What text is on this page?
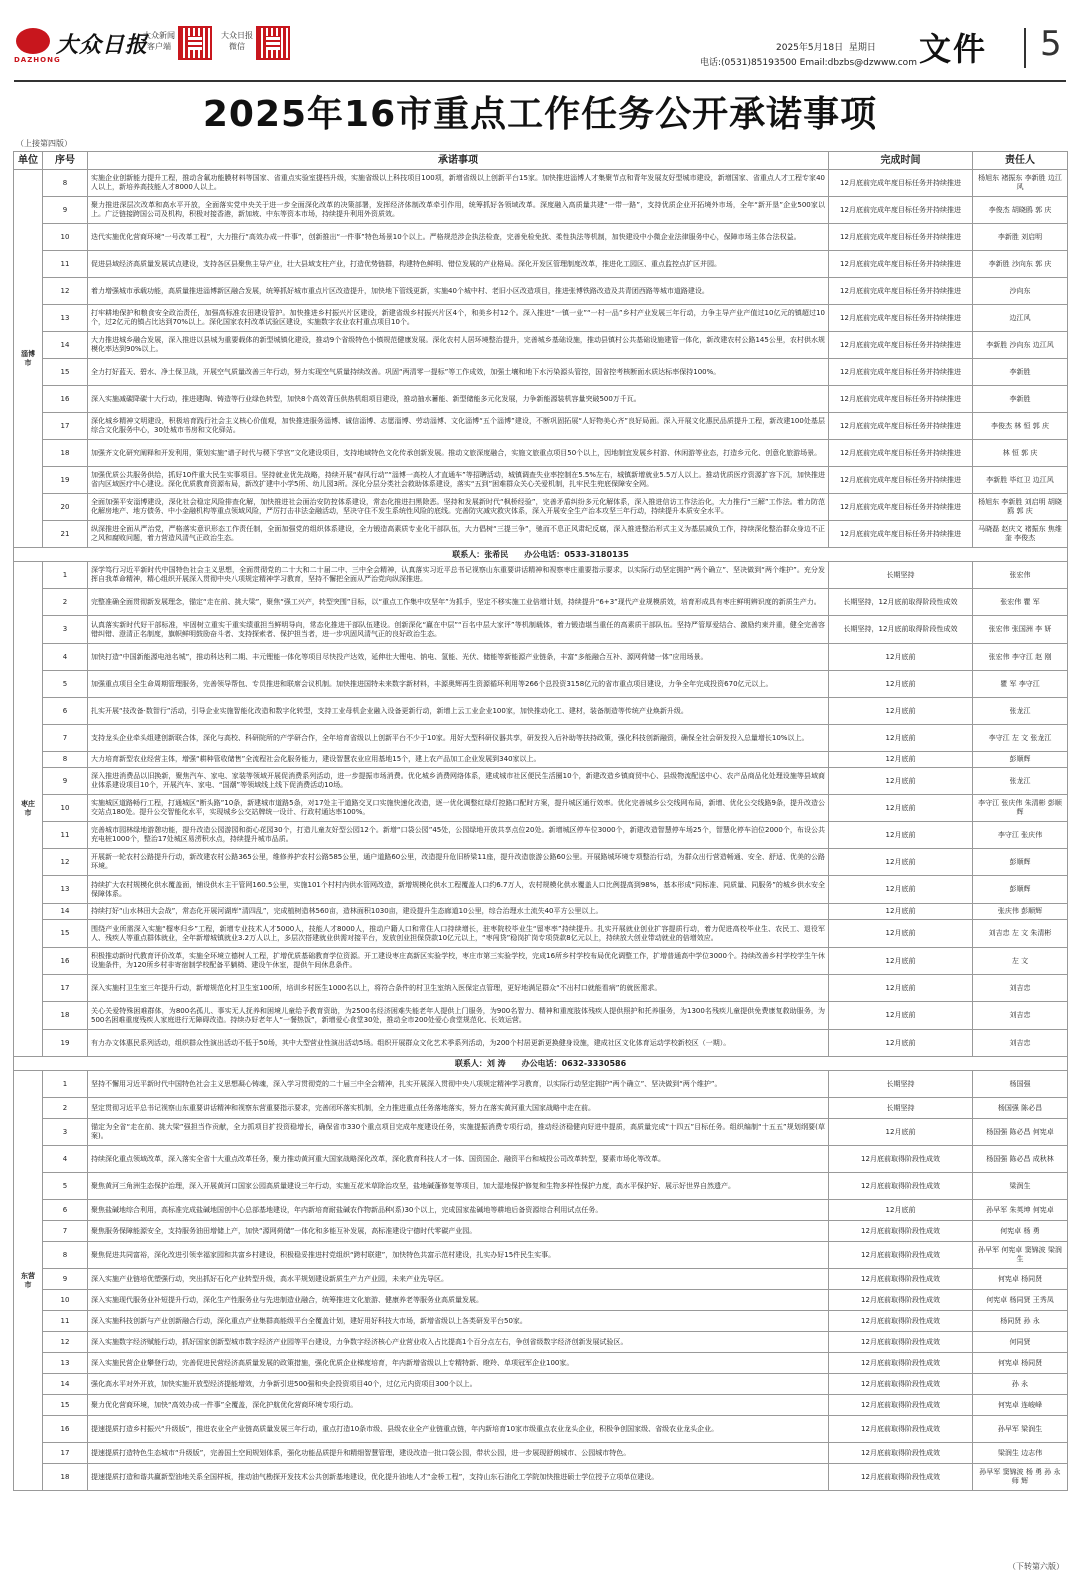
大众日报
DAZHONG
大众新闻客户端
大众日报微信	2025年5月18日 星期日
电话:(0531)85193500 Email:dbzbs@dzwww.com 文件 5
2025年16市重点工作任务公开承诺事项
（上接第四版）
单位	序号	承诺事项	完成时间	责任人
淄博市	8	实施企业创新能力提升工程，推动含氟功能膜材料等国家、省重点实验室提档升级，实施省级以上科技项目100项，新增省级以上创新平台15家。加快推进淄博人才集聚节点和青年发展友好型城市建设，新增国家、省重点人才工程专家40人以上，新培养高技能人才8000人以上。	12月底前完成年度目标任务并持续推进	杨旭东 褚振东 李新胜 边江风
	9	聚力推进深层次改革和高水平开放，全面落实党中央关于进一步全面深化改革的决策部署，发挥经济体制改革牵引作用，统筹抓好各领域改革。深度融入高质量共建“一带一路”，支持优质企业开拓境外市场，全年“新开垦”企业500家以上。广泛链接跨国公司及机构，积极对接香港，新加坡、中东等资本市场，持续提升利用外资质效。	12月底前完成年度目标任务并持续推进	李俊杰 胡晓鸥 郭 庆
	10	迭代实施优化营商环境“一号改革工程”，大力推行“高效办成一件事”，创新推出“一件事”特色场景10个以上。严格规范涉企执法检查，完善免检免扰、柔性执法等机制，加快建设中小微企业法律服务中心，保障市场主体合法权益。	12月底前完成年度目标任务并持续推进	李新胜 刘启明
	11	促进县域经济高质量发展试点建设，支持各区县聚焦主导产业，壮大县域支柱产业，打造优势链群，构建特色鲜明、错位发展的产业格局。深化开发区管理制度改革，推进化工园区、重点监控点扩区并园。	12月底前完成年度目标任务并持续推进	李新胜 沙向东 郭 庆
	12	着力增强城市承载功能，高质量推进淄博新区融合发展，统筹抓好城市重点片区改造提升，加快地下管线更新，实施40个城中村、老旧小区改造项目，推进张博铁路改造及共青团西路等城市道路建设。	12月底前完成年度目标任务并持续推进	沙向东
	13	打牢耕地保护和粮食安全政治责任，加强高标准农田建设管护。加快推进乡村振兴片区建设，新建省级乡村振兴片区4个，和美乡村12个。深入推进“一镇一业”“一村一品”乡村产业发展三年行动，力争主导产业产值过10亿元的镇超过10个，过2亿元的镇占比达到70%以上。深化国家农村改革试验区建设，实施数字农业农村重点项目10个。	12月底前完成年度目标任务并持续推进	边江风
	14	大力推进城乡融合发展，深入推进以县城为重要载体的新型城镇化建设，推动9个省级特色小镇规范健康发展。深化农村人居环境整治提升，完善城乡基础设施，推动县镇村公共基础设施建管一体化，新改建农村公路145公里，农村供水规模化率达到90%以上。	12月底前完成年度目标任务并持续推进	李新胜 沙向东 边江风
	15	全力打好蓝天、碧水、净土保卫战，开展空气质量改善三年行动，努力实现空气质量持续改善。巩固“两清零一提标”等工作成效，加强土壤和地下水污染源头管控，国省控考核断面水质达标率保持100%。	12月底前完成年度目标任务并持续推进	李新胜
	16	深入实施减碳降碳十大行动，推进建陶、铸造等行业绿色转型，加快8个高效背压供热机组项目建设，推动抽水蓄能、新型储能多元化发展，力争新能源装机容量突破500万千瓦。	12月底前完成年度目标任务并持续推进	李新胜
	17	深化城乡精神文明建设，积极培育践行社会主义核心价值观，加快推进服务淄博、诚信淄博、志愿淄博、劳动淄博、文化淄博“五个淄博”建设，不断巩固拓展“人好物美心齐”良好局面。深入开展文化惠民品质提升工程，新改建100处基层综合文化服务中心，30处城市书房和文化驿站。	12月底前完成年度目标任务并持续推进	李俊杰 林 恒 郭 庆
	18	加强齐文化研究阐释和开发利用，策划实施“谱子时代与稷下学宫”文化建设项目，支持地域特色文化传承创新发展。推动文旅深度融合，实施文旅重点项目50个以上，因地制宜发展乡村游、休闲游等业态，打造乡元化、创意化旅游场景。	12月底前完成年度目标任务并持续推进	林 恒 郭 庆
	19	加强优质公共服务供给，抓好10件重大民生实事项目。坚持就业优先战略，持续开展“春风行动”“淄博一高校人才直通车”等招聘活动，城镇调查失业率控制在5.5%左右，城镇新增就业5.5万人以上。推动优质医疗资源扩容下沉，加快推进省内区域医疗中心建设。深化优质教育资源布局，新改扩建中小学5所、幼儿园3所。深化分层分类社会救助体系建设，落实“五到”困难群众关心关爱机制，扎牢民生兜底保障安全网。	12月底前完成年度目标任务并持续推进	李新胜 毕红卫 边江风
	20	全面加强平安淄博建设，深化社会稳定风险排查化解，加快推进社会面治安防控体系建设，常态化推进扫黑除恶。坚持和发展新时代“枫桥经验”，完善矛盾纠纷多元化解体系，深入推进信访工作法治化，大力推行“三解”工作法。着力防范化解房地产、地方债务、中小金融机构等重点领域风险，严厉打击非法金融活动，坚决守住不发生系统性风险的底线。完善防灾减灾救灾体系，深入开展安全生产治本攻坚三年行动，持续提升本质安全水平。	12月底前完成年度目标任务并持续推进	杨旭东 李新胜 刘启明 胡晓鸥 郭 庆
	21	纵深推进全面从严治党，严格落实意识形态工作责任制，全面加强党的组织体系建设，全力锻造高素质专业化干部队伍，大力倡树“三提三争”，驰而不息正风肃纪反腐，深入推进整治形式主义为基层减负工作，持续深化整治群众身边不正之风和腐败问题，着力营造风清气正政治生态。	12月底前完成年度目标任务并持续推进	马晓磊 赵庆文 褚振东 焦维奎 李俊杰
联系人：张希民　　办公电话：0533-3180135				
枣庄市	1	深学笃行习近平新时代中国特色社会主义思想，全面贯彻党的二十大和二十届二中、三中全会精神，认真落实习近平总书记视察山东重要讲话精神和视察枣庄重要指示要求，以实际行动坚定拥护“两个确立”、坚决做到“两个维护”。充分发挥自我革命精神，精心组织开展深入贯彻中央八项规定精神学习教育，坚持不懈把全面从严治党向纵深推进。	长期坚持	张宏伟
	2	完整准确全面贯彻新发展理念，锚定“走在前、挑大梁”，聚焦“强工兴产，转型突围”目标，以“重点工作集中攻坚年”为抓手，坚定不移实施工业倍增计划，持续提升“6+3”现代产业规模质效，培育形成具有枣庄鲜明辨识度的新质生产力。	长期坚持，12月底前取得阶段性成效	张宏伟 瞿 军
	3	认真落实新时代好干部标准，牢固树立重实干重实绩重担当鲜明导向，常态化推进干部队伍建设。创新深化“赢在中层”“百名中层大家评”等机制载体，着力锻造堪当重任的高素质干部队伍。坚持严管厚爱结合、激励约束并重，健全完善容错纠错、澄清正名制度，旗帜鲜明鼓励奋斗者、支持探索者、保护担当者，进一步巩固风清气正的良好政治生态。	长期坚持，12月底前取得阶段性成效	张宏伟 张国洲 李 妍
	4	加快打造“中国新能源电池名城”，推动科达利二期、丰元锂能一体化等项目尽快投产达效，延伸壮大锂电、钠电、氢能、光伏、储能等新能源产业链条，丰富“多能融合互补、源网荷储一体”应用场景。	12月底前	张宏伟 李守江 赵 刚
	5	加强重点项目全生命周期管理服务，完善领导帮包、专员推进和联席会议机制。加快推进国特未来数字新材料，丰源奥辉再生资源循环利用等266个总投资3158亿元的省市重点项目建设，力争全年完成投资670亿元以上。	12月底前	瞿 军 李守江
	6	扎实开展“技改备·数智行”活动，引导企业实施智能化改造和数字化转型，支持工业母机企业融入设备更新行动，新增上云工业企业100家，加快推动化工、建材，装备制造等传统产业焕新升级。	12月底前	张龙江
	7	支持龙头企业牵头组建创新联合体，深化与高校、科研院所的产学研合作，全年培育省级以上创新平台不少于10家。用好大型科研仪器共享，研发投入后补助等扶持政策，强化科技创新融资，确保全社会研发投入总量增长10%以上。	12月底前	李守江 左 文 张龙江
	8	大力培育新型农业经营主体，增强“耕种管收储售”全流程社会化服务能力，建设智慧农业应用基地15个，建上农产品加工企业发展到340家以上。	12月底前	彭顺辉
	9	深入推进消费品以旧换新，聚焦汽车、家电、家装等领域开展促消费系列活动，进一步提振市场消费。优化城乡消费网络体系，建成城市社区便民生活圈10个，新建改造乡镇商贸中心、县级物流配送中心、农产品商品化处理设施等县域商业体系建设项目10个，开展汽车、家电、“国潮”等领域线上线下促消费活动10场。	12月底前	张龙江
	10	实施城区道路畅行工程，打通城区“断头路”10条，新建城市道路5条，对17处主干道路交叉口实施快速化改造，逐一优化调整红绿灯控路口配时方案，提升城区通行效率。优化完善城乡公交线网布局，新增、优化公交线路9条，提升改造公交站点180处。提升公交智能化水平，实现城乡公交站牌统一设计、行政村通达率100%。	12月底前	李守江 张庆伟 朱清彬 彭顺辉
	11	完善城市园林绿地游憩功能，提升改造公园游园和街心花园30个，打造儿童友好型公园12个。新增“口袋公园”45处，公园绿地开放共享点位20处。新增城区停车位3000个，新建改造智慧停车场25个，智慧化停车泊位2000个，布设公共充电桩1000个，整治17处城区易涝积水点，持续提升城市品质。	12月底前	李守江 张庆伟
	12	开展新一轮农村公路提升行动，新改建农村公路365公里，维修养护农村公路585公里，通户道路60公里，改造提升危旧桥梁11座，提升改造旅游公路60公里。开展路城环境专项整治行动，为群众出行营造畅通、安全、舒适、优美的公路环境。	12月底前	彭顺辉
	13	持续扩大农村规模化供水覆盖面，铺设供水主干管网160.5公里，实施101个村村内供水管网改造，新增规模化供水工程覆盖人口约6.7万人，农村规模化供水覆盖人口比例提高到98%，基本形成“同标准、同质量、同服务”的城乡供水安全保障体系。	12月底前	彭顺辉
	14	持续打好“山水林田大会战”，常态化开展河湖库“清四乱”，完成植树造林560亩，造林面积1030亩，建设提升生态廊道10公里，综合治理水土流失40平方公里以上。	12月底前	张庆伟 彭顺辉
	15	围绕产业所需深入实施“榴枣归乡”工程，新增专业技术人才5000人，技能人才8000人，推动户籍人口和常住人口持续增长，驻枣院校毕业生“留枣率”持续提升。扎实开展就业创业扩容提质行动，着力促进高校毕业生、农民工、退役军人、残疾人等重点群体就业，全年新增城镇就业3.2万人以上，多层次搭建就业供需对接平台，发放创业担保贷款10亿元以上，“枣闯贷”稳岗扩岗专项贷款8亿元以上，持续放大创业带动就业的倍增效应。	12月底前	刘吉忠 左 文 朱清彬
	16	积极推动新时代教育评价改革，实施全环境立德树人工程，扩增优质基础教育学位资源。开工建设枣庄高新区实验学校，枣庄市第三实验学校，完成16所乡村学校布局优化调整工作，扩增普通高中学位3000个。持续改善乡村学校学生午休设施条件，为120所乡村非寄宿制学校配备平躺椅、建设午休室，提供午间休息条件。	12月底前	左 文
	17	深入实施村卫生室三年提升行动，新增规范化村卫生室100所，培训乡村医生1000名以上，将符合条件的村卫生室纳入医保定点管理，更好地满足群众“不出村口就能看病”的就医需求。	12月底前	刘吉忠
	18	关心关爱特殊困难群体，为800名孤儿、事实无人抚养和困境儿童给予教育资助，为2500名经济困难失能老年人提供上门服务，为900名智力、精神和重度肢体残疾人提供照护和托养服务，为1300名残疾儿童提供免费康复救助服务，为500名困难重度残疾人家庭进行无障碍改造。持续办好老年人“一餐热饭”，新增爱心食堂30处，推动全市200处爱心食堂规范化、长效运营。	12月底前	刘吉忠
	19	有力办文体惠民系列活动，组织群众性演出活动不低于50场，其中大型营业性演出活动5场。组织开展群众文化艺术季系列活动，为200个村居更新更换健身设施，建成社区文化体育运动学校新校区（一期）。	12月底前	刘吉忠
联系人：刘 涛　　办公电话：0632-3330586				
东营市	1	坚持不懈用习近平新时代中国特色社会主义思想凝心铸魂，深入学习贯彻党的二十届三中全会精神，扎实开展深入贯彻中央八项规定精神学习教育，以实际行动坚定拥护“两个确立”、坚决做到“两个维护”。	长期坚持	杨国强
	2	坚定贯彻习近平总书记视察山东重要讲话精神和视察东营重要指示要求，完善闭环落实机制，全力推进重点任务落地落实，努力在落实黄河重大国家战略中走在前。	长期坚持	杨国强 陈必昌
	3	锚定为全省“走在前、挑大梁”强担当作贡献，全力抓项目扩投资稳增长，确保省市330个重点项目完成年度建设任务，实施提振消费专项行动，推动经济稳健向好进中提质，高质量完成“十四五”目标任务。组织编制“十五五”规划纲要(草案)。	12月底前	杨国强 陈必昌 何宪卓
	4	持续深化重点领域改革，深入落实全省十大重点改革任务，聚力推动黄河重大国家战略深化改革，深化教育科技人才一体、国资国企、融资平台和城投公司改革转型，要素市场化等改革。	12月底前取得阶段性成效	杨国强 陈必昌 成秋林
	5	聚焦黄河三角洲生态保护治理，深入开展黄河口国家公园高质量建设三年行动，实施互花米草除治攻坚，盐地碱蓬修复等项目，加大湿地保护修复和生物多样性保护力度，高水平保护好、展示好世界自然遗产。	12月底前取得阶段性成效	梁润生
	6	聚焦盐碱地综合利用，高标准完成盐碱地国创中心总部基地建设，年内新培育耐盐碱农作物新品种(系)30个以上，完成国家盐碱地等耕地后备资源综合利用试点任务。	12月底前	孙早军 朱英坤 何宪卓
	7	聚焦服务保障能源安全，支持服务油田增储上产，加快“源网荷储”一体化和多能互补发展，高标准建设宁德时代零碳产业园。	12月底前取得阶段性成效	何宪卓 杨 勇
	8	聚焦促进共同富裕，深化改进引领幸福家园和共富乡村建设，积极稳妥推进村党组织“跨村联建”，加快特色共富示范村建设，扎实办好15件民生实事。	12月底前取得阶段性成效	孙早军 何宪卓 窦锦波 梁润生
	9	深入实施产业链培优塑强行动，突出抓好石化产业转型升级，高水平规划建设新质生产力产业园，未来产业先导区。	12月底前取得阶段性成效	何宪卓 杨同贤
	10	深入实施现代服务业补短提升行动，深化生产性服务业与先进制造业融合，统筹推进文化旅游、健康养老等服务业高质量发展。	12月底前取得阶段性成效	何宪卓 杨同贤 王秀凤
	11	深入实施科技创新与产业创新融合行动，深化重点产业集群高能级平台全覆盖计划，建好用好科技大市场，新增省级以上各类研发平台50家。	12月底前取得阶段性成效	杨同贤 孙 永
	12	深入实施数字经济赋能行动，抓好国家创新型城市数字经济产业园等平台建设，力争数字经济核心产业营业收入占比提高1个百分点左右，争创省级数字经济创新发展试验区。	12月底前取得阶段性成效	何同贤
	13	深入实施民营企业攀登行动，完善促进民营经济高质量发展的政策措施，强化优质企业梯度培育，年内新增省级以上专精特新、瞪羚、单项冠军企业100家。	12月底前取得阶段性成效	何宪卓 杨同贤
	14	强化高水平对外开放，加快实施开放型经济提能增效，力争新引进500强和央企投资项目40个，过亿元内资项目300个以上。	12月底前取得阶段性成效	孙 永
	15	聚力优化营商环境，加快“高效办成一件事”全覆盖，深化护航优化营商环境专项行动。	12月底前取得阶段性成效	何宪卓 连峻峰
	16	提速提质打造乡村振兴“升级版”，推进农业全产业链高质量发展三年行动，重点打造10条市级、县级农业全产业链重点链，年内新培育10家市级重点农业龙头企业，积极争创国家级、省级农业龙头企业。	12月底前取得阶段性成效	孙早军 梁润生
	17	提速提质打造特色生态城市“升级版”，完善国土空间规划体系，强化功能品质提升和精细智慧管理，建设改造一批口袋公园，带状公园，进一步展现舒朗城市、公园城市特色。	12月底前取得阶段性成效	梁润生 边志伟
	18	提速提质打造和谐共赢新型油地关系全国样板，推动油气勘探开发技术公共创新基地建设，优化提升油地人才“金桥工程”，支持山东石油化工学院加快推进硕士学位授予立项单位建设。	12月底前取得阶段性成效	孙早军 窦锦波 杨 勇 孙 永 师 辉
（下转第六版）
